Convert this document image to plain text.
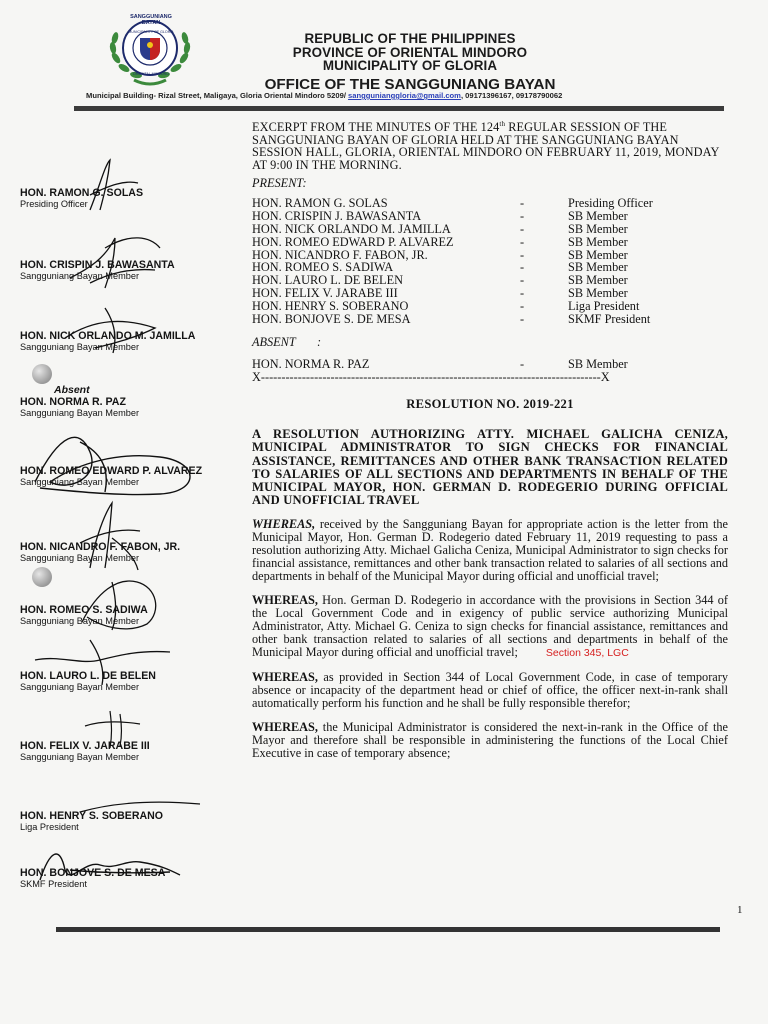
SANGGUNIANG BAYAN
MUNICIPALITY OF GLORIA
ORIENTAL MINDORO
REPUBLIC OF THE PHILIPPINES
PROVINCE OF ORIENTAL MINDORO
MUNICIPALITY OF GLORIA
OFFICE OF THE SANGGUNIANG BAYAN
Municipal Building- Rizal Street, Maligaya, Gloria Oriental Mindoro 5209/ sanggunianggloria@gmail.com, 09171396167, 09178790062
HON. RAMON G. SOLAS
Presiding Officer
HON. CRISPIN J. BAWASANTA
Sangguniang Bayan Member
HON. NICK ORLANDO M. JAMILLA
Sangguniang Bayan Member
Absent
HON. NORMA R. PAZ
Sangguniang Bayan Member
HON. ROMEO EDWARD P. ALVAREZ
Sangguniang Bayan Member
HON. NICANDRO F. FABON, JR.
Sangguniang Bayan Member
HON. ROMEO S. SADIWA
Sangguniang Bayan Member
HON. LAURO L. DE BELEN
Sangguniang Bayan Member
HON. FELIX V. JARABE III
Sangguniang Bayan Member
HON. HENRY S. SOBERANO
Liga President
HON. BONJOVE S. DE MESA
SKMF President
EXCERPT FROM THE MINUTES OF THE 124th REGULAR SESSION OF THE SANGGUNIANG BAYAN OF GLORIA HELD AT THE SANGGUNIANG BAYAN SESSION HALL, GLORIA, ORIENTAL MINDORO ON FEBRUARY 11, 2019, MONDAY AT 9:00 IN THE MORNING.
PRESENT:
HON. RAMON G. SOLAS	-	Presiding Officer
HON. CRISPIN J. BAWASANTA	-	SB Member
HON. NICK ORLANDO M. JAMILLA	-	SB Member
HON. ROMEO EDWARD P. ALVAREZ	-	SB Member
HON. NICANDRO F. FABON, JR.	-	SB Member
HON. ROMEO S. SADIWA	-	SB Member
HON. LAURO L. DE BELEN	-	SB Member
HON. FELIX V. JARABE III	-	SB Member
HON. HENRY S. SOBERANO	-	Liga President
HON. BONJOVE S. DE MESA	-	SKMF President
ABSENT       :
HON. NORMA R. PAZ	-	SB Member
X-----------------------------------------------------------------------------------X
RESOLUTION NO. 2019-221
A RESOLUTION AUTHORIZING ATTY. MICHAEL GALICHA CENIZA, MUNICIPAL ADMINISTRATOR TO SIGN CHECKS FOR FINANCIAL ASSISTANCE, REMITTANCES AND OTHER BANK TRANSACTION RELATED TO SALARIES OF ALL SECTIONS AND DEPARTMENTS IN BEHALF OF THE MUNICIPAL MAYOR, HON. GERMAN D. RODEGERIO DURING OFFICIAL AND UNOFFICIAL TRAVEL
WHEREAS, received by the Sangguniang Bayan for appropriate action is the letter from the Municipal Mayor, Hon. German D. Rodegerio dated February 11, 2019 requesting to pass a resolution authorizing Atty. Michael Galicha Ceniza, Municipal Administrator to sign checks for financial assistance, remittances and other bank transaction related to salaries of all sections and departments in behalf of the Municipal Mayor during official and unofficial travel;
WHEREAS, Hon. German D. Rodegerio in accordance with the provisions in Section 344 of the Local Government Code and in exigency of public service authorizing Municipal Administrator, Atty. Michael G. Ceniza to sign checks for financial assistance, remittances and other bank transaction related to salaries of all sections and departments in behalf of the Municipal Mayor during official and unofficial travel;	Section 345, LGC
WHEREAS, as provided in Section 344 of Local Government Code, in case of temporary absence or incapacity of the department head or chief of office, the officer next-in-rank shall automatically perform his function and he shall be fully responsible therefor;
WHEREAS, the Municipal Administrator is considered the next-in-rank in the Office of the Mayor and therefore shall be responsible in administering the functions of the Local Chief Executive in case of temporary absence;
1
